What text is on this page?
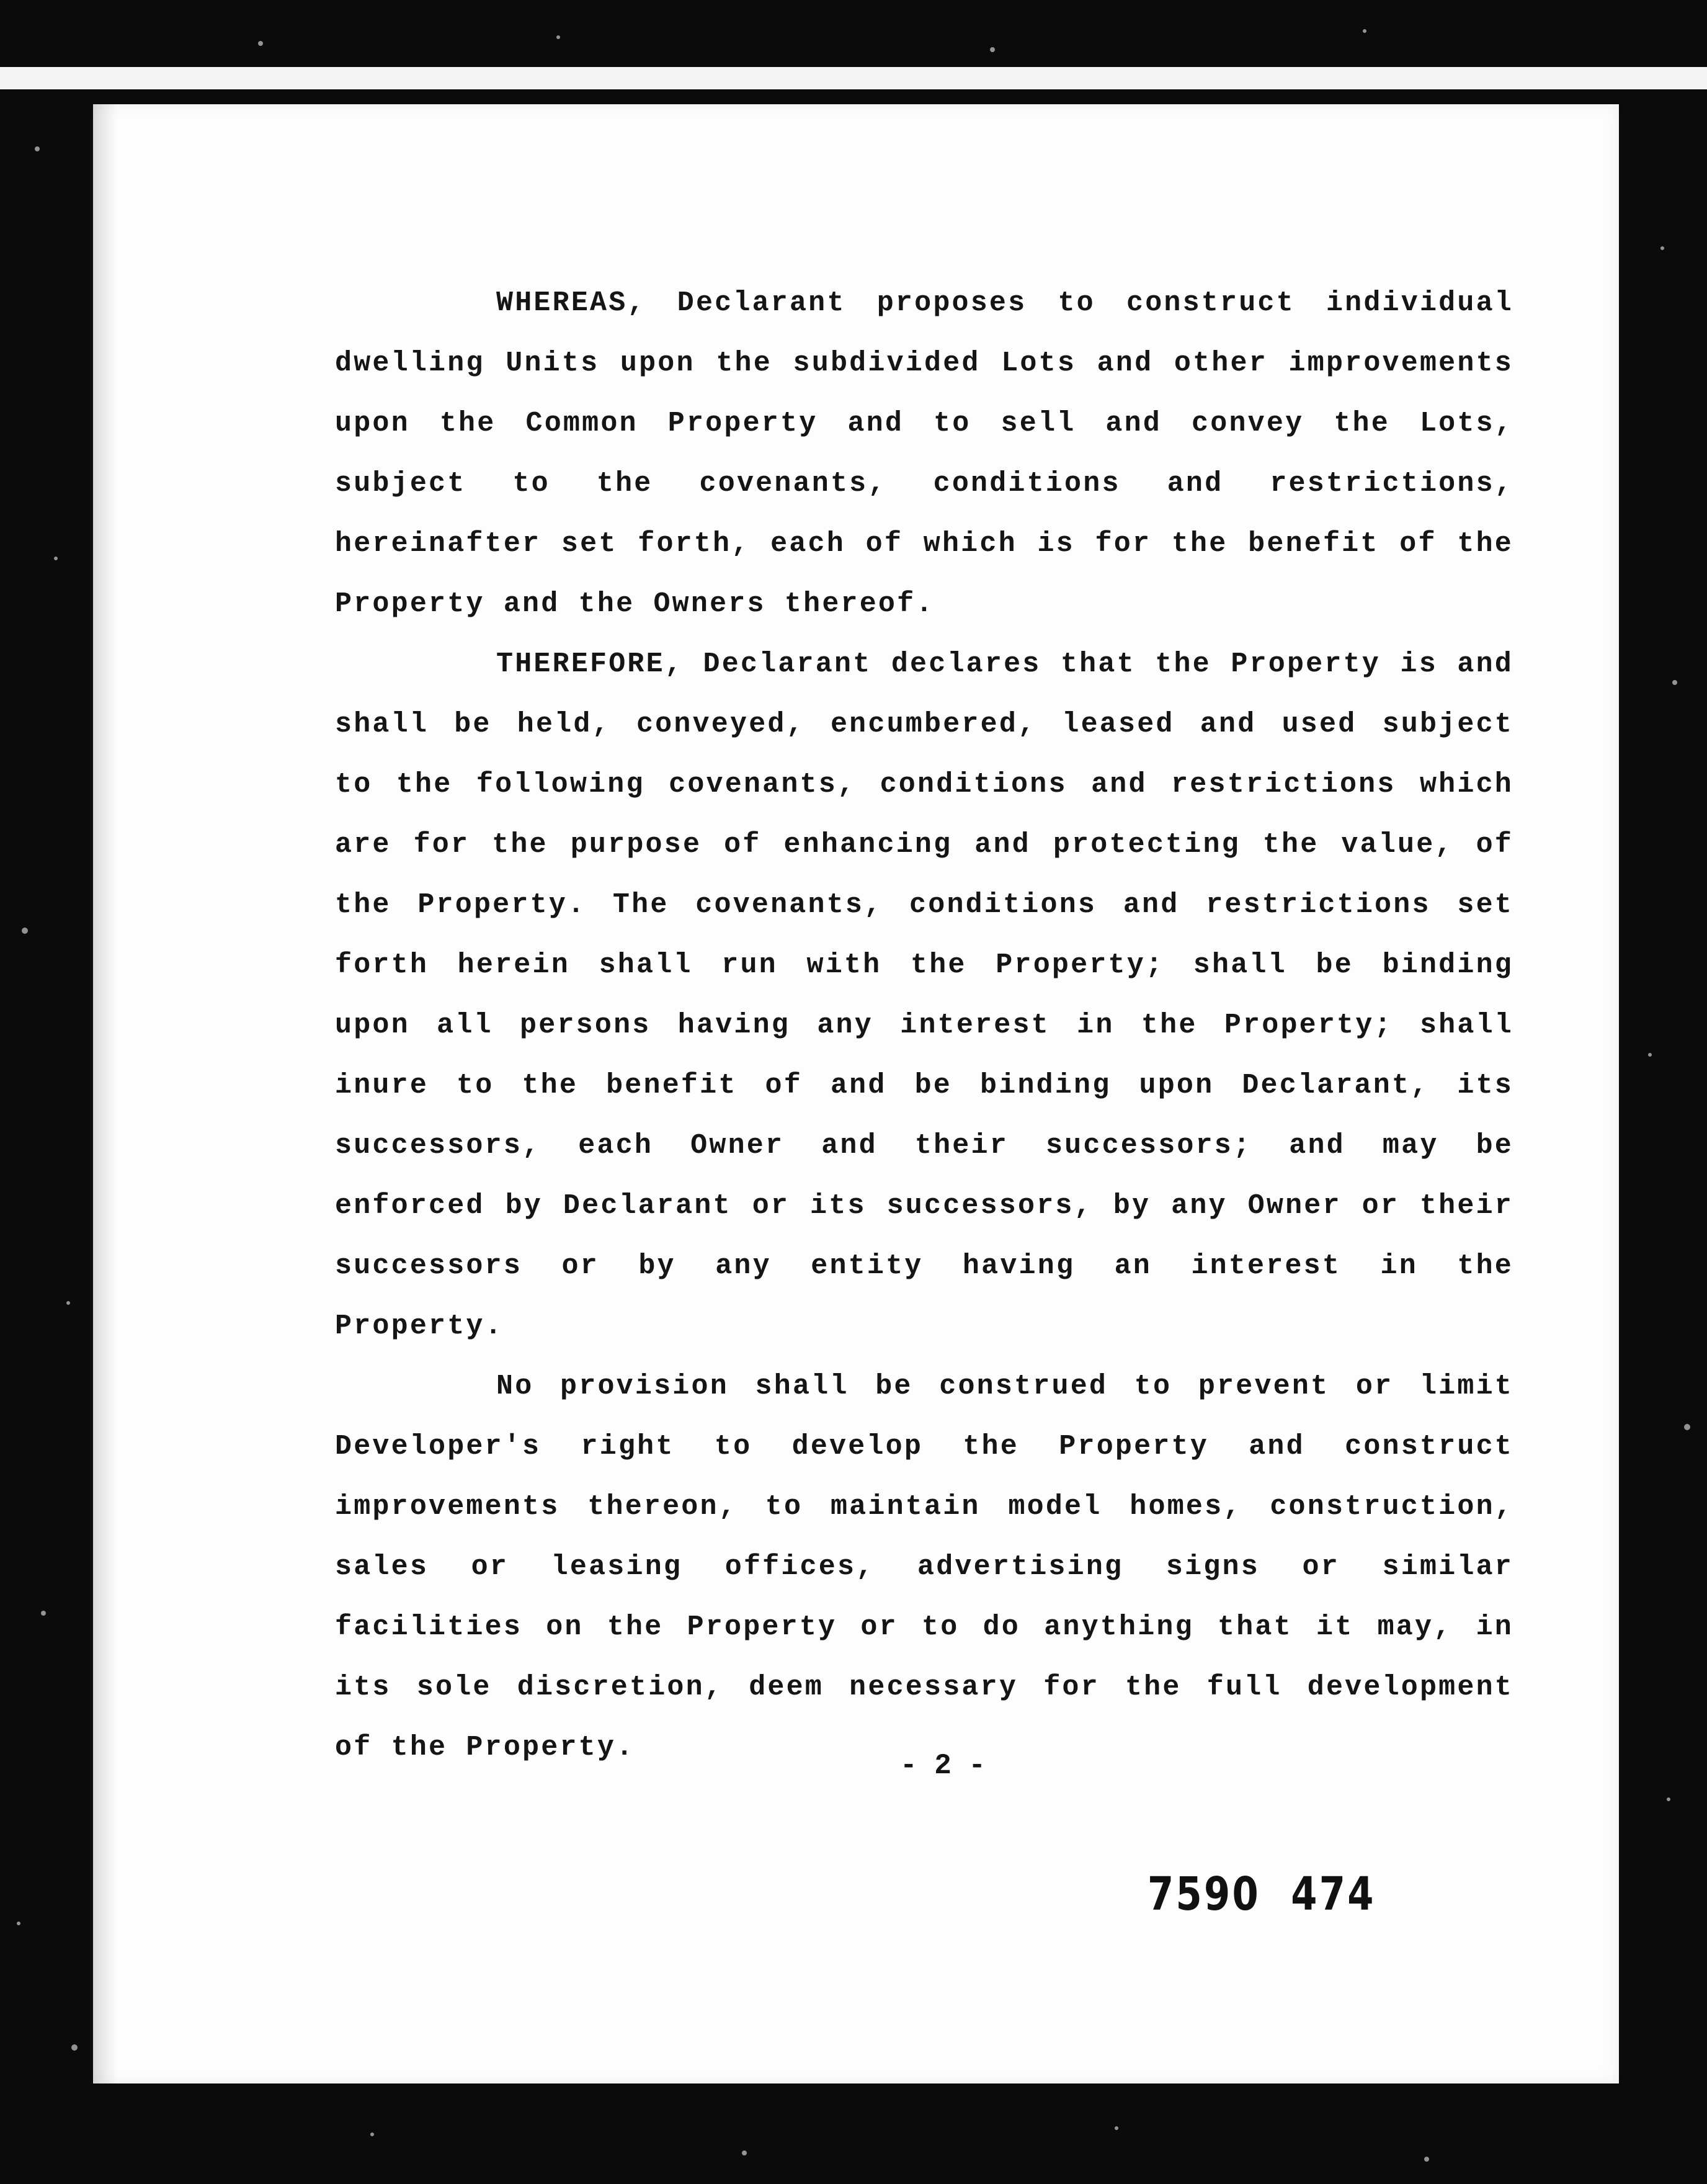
WHEREAS, Declarant proposes to construct individual dwelling Units upon the subdivided Lots and other improvements upon the Common Property and to sell and convey the Lots, subject to the covenants, conditions and restrictions, hereinafter set forth, each of which is for the benefit of the Property and the Owners thereof.

THEREFORE, Declarant declares that the Property is and shall be held, conveyed, encumbered, leased and used subject to the following covenants, conditions and restrictions which are for the purpose of enhancing and protecting the value, of the Property. The covenants, conditions and restrictions set forth herein shall run with the Property; shall be binding upon all persons having any interest in the Property; shall inure to the benefit of and be binding upon Declarant, its successors, each Owner and their successors; and may be enforced by Declarant or its successors, by any Owner or their successors or by any entity having an interest in the Property.

No provision shall be construed to prevent or limit Developer's right to develop the Property and construct improvements thereon, to maintain model homes, construction, sales or leasing offices, advertising signs or similar facilities on the Property or to do anything that it may, in its sole discretion, deem necessary for the full development of the Property.

- 2 -
7590 474
